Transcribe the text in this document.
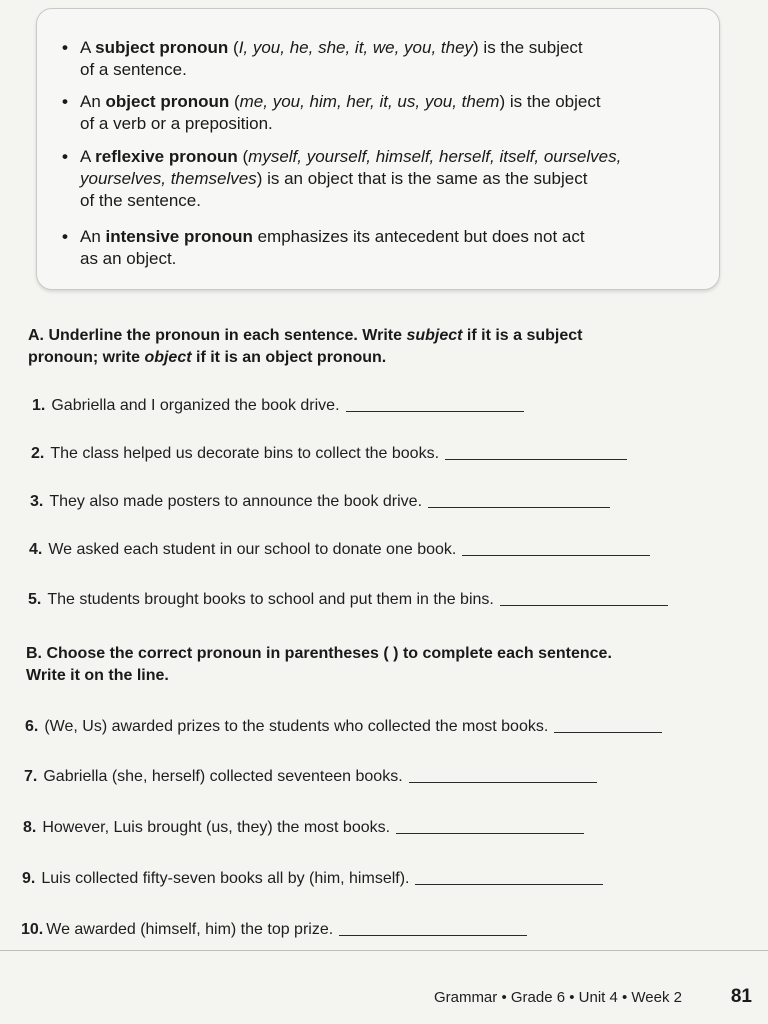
• A subject pronoun (I, you, he, she, it, we, you, they) is the subject
of a sentence.
• An object pronoun (me, you, him, her, it, us, you, them) is the object
of a verb or a preposition.
• A reflexive pronoun (myself, yourself, himself, herself, itself, ourselves,
yourselves, themselves) is an object that is the same as the subject
of the sentence.
• An intensive pronoun emphasizes its antecedent but does not act
as an object.
A. Underline the pronoun in each sentence. Write subject if it is a subject
pronoun; write object if it is an object pronoun.
1. Gabriella and I organized the book drive.
2. The class helped us decorate bins to collect the books.
3. They also made posters to announce the book drive.
4. We asked each student in our school to donate one book.
5. The students brought books to school and put them in the bins.
B. Choose the correct pronoun in parentheses ( ) to complete each sentence.
Write it on the line.
6. (We, Us) awarded prizes to the students who collected the most books.
7. Gabriella (she, herself) collected seventeen books.
8. However, Luis brought (us, they) the most books.
9. Luis collected fifty-seven books all by (him, himself).
10. We awarded (himself, him) the top prize.
Grammar • Grade 6 • Unit 4 • Week 2	81
